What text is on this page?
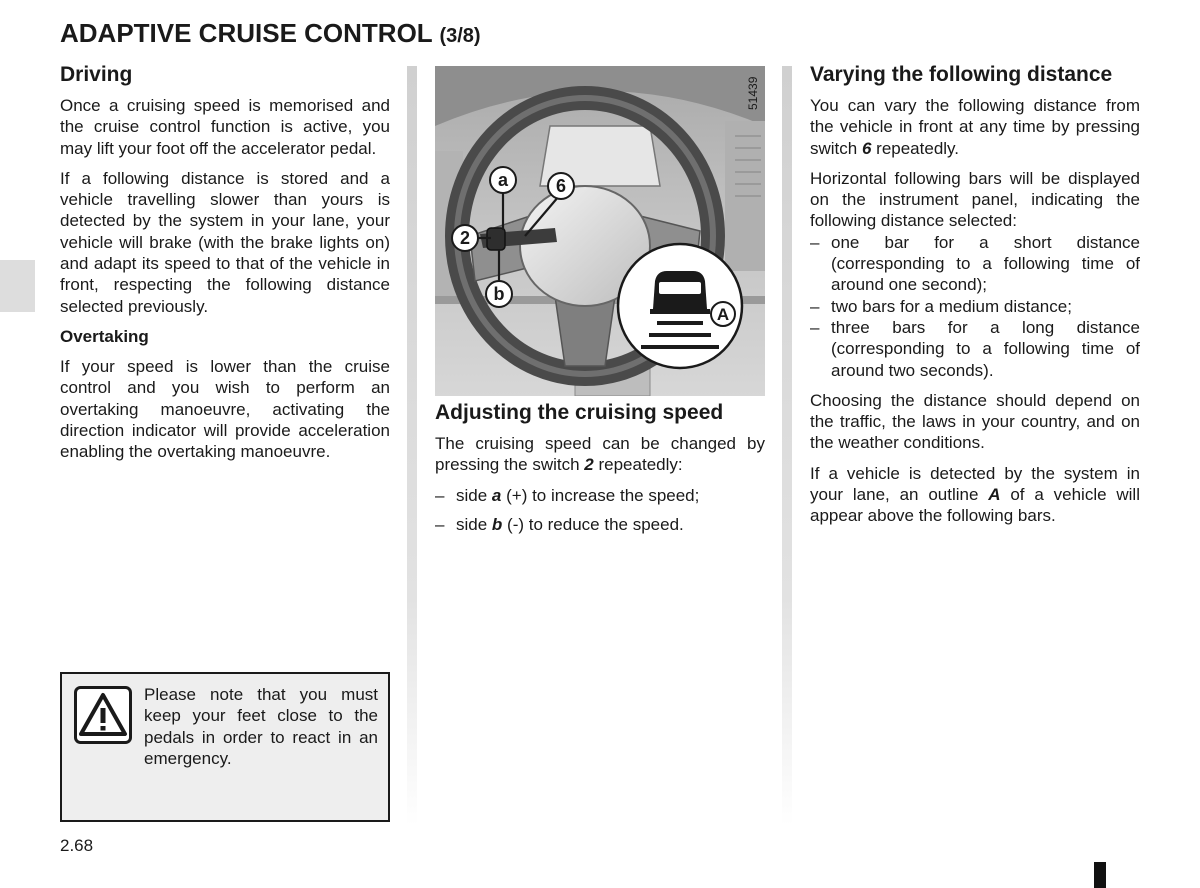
ADAPTIVE CRUISE CONTROL (3/8)
Driving

Once a cruising speed is memorised and the cruise control function is active, you may lift your foot off the accelerator pedal.

If a following distance is stored and a vehicle travelling slower than yours is detected by the system in your lane, your vehicle will brake (with the brake lights on) and adapt its speed to that of the vehicle in front, respecting the following distance selected previously.

Overtaking

If your speed is lower than the cruise control and you wish to perform an overtaking manoeuvre, activating the direction indicator will provide acceleration enabling the overtaking manoeuvre.

Please note that you must keep your feet close to the pedals in order to react in an emergency.
a	6
2
b
A
51439
Adjusting the cruising speed

The cruising speed can be changed by pressing the switch 2 repeatedly:

– side a (+) to increase the speed;
– side b (-) to reduce the speed.
Varying the following distance

You can vary the following distance from the vehicle in front at any time by pressing switch 6 repeatedly.

Horizontal following bars will be displayed on the instrument panel, indicating the following distance selected:

– one bar for a short distance (corresponding to a following time of around one second);
– two bars for a medium distance;
– three bars for a long distance (corresponding to a following time of around two seconds).

Choosing the distance should depend on the traffic, the laws in your country, and on the weather conditions.

If a vehicle is detected by the system in your lane, an outline A of a vehicle will appear above the following bars.

2.68
